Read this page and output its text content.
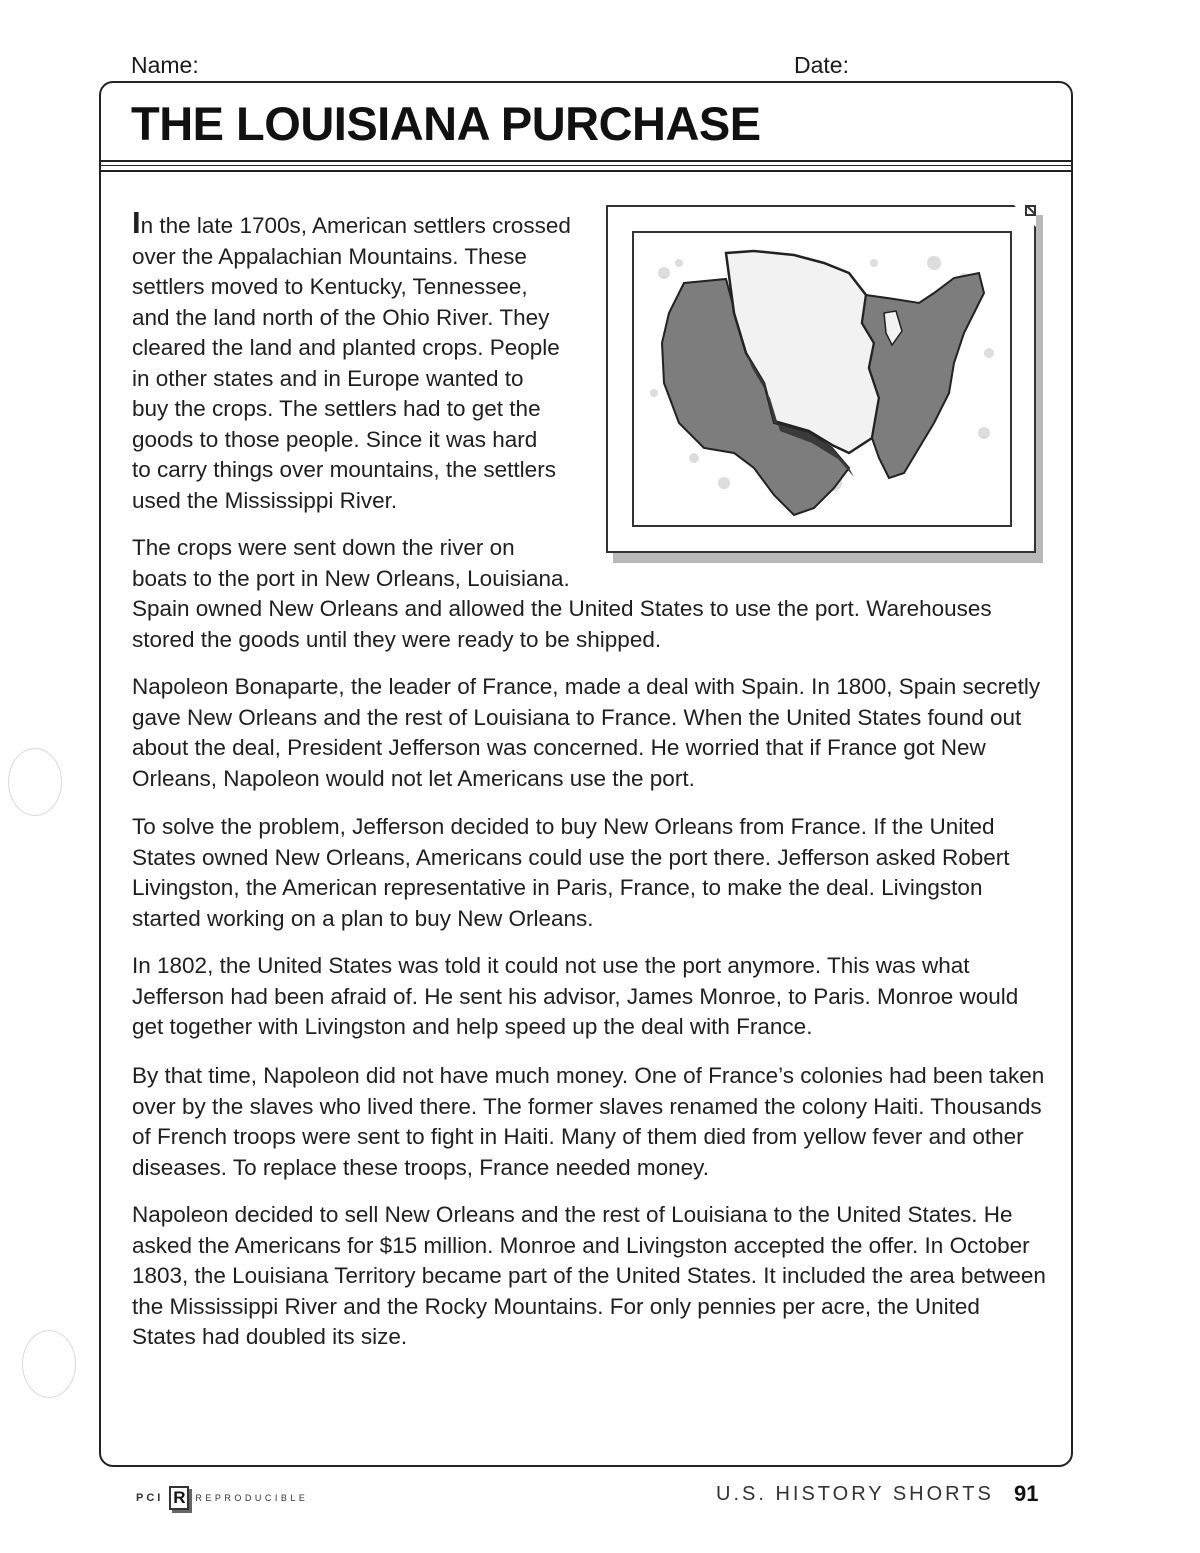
Name:	Date:
THE LOUISIANA PURCHASE
In the late 1700s, American settlers crossed
over the Appalachian Mountains. These
settlers moved to Kentucky, Tennessee,
and the land north of the Ohio River. They
cleared the land and planted crops. People
in other states and in Europe wanted to
buy the crops. The settlers had to get the
goods to those people. Since it was hard
to carry things over mountains, the settlers
used the Mississippi River.
The crops were sent down the river on
boats to the port in New Orleans, Louisiana.
Spain owned New Orleans and allowed the United States to use the port. Warehouses stored the goods until they were ready to be shipped.
Napoleon Bonaparte, the leader of France, made a deal with Spain. In 1800, Spain secretly gave New Orleans and the rest of Louisiana to France. When the United States found out about the deal, President Jefferson was concerned. He worried that if France got New Orleans, Napoleon would not let Americans use the port.
To solve the problem, Jefferson decided to buy New Orleans from France. If the United States owned New Orleans, Americans could use the port there. Jefferson asked Robert Livingston, the American representative in Paris, France, to make the deal. Livingston started working on a plan to buy New Orleans.
In 1802, the United States was told it could not use the port anymore. This was what Jefferson had been afraid of. He sent his advisor, James Monroe, to Paris. Monroe would get together with Livingston and help speed up the deal with France.
By that time, Napoleon did not have much money. One of France’s colonies had been taken over by the slaves who lived there. The former slaves renamed the colony Haiti. Thousands of French troops were sent to fight in Haiti. Many of them died from yellow fever and other diseases. To replace these troops, France needed money.
Napoleon decided to sell New Orleans and the rest of Louisiana to the United States. He asked the Americans for $15 million. Monroe and Livingston accepted the offer. In October 1803, the Louisiana Territory became part of the United States. It included the area between the Mississippi River and the Rocky Mountains. For only pennies per acre, the United States had doubled its size.
PCI R	REPRODUCIBLE	U.S. HISTORY SHORTS 91
